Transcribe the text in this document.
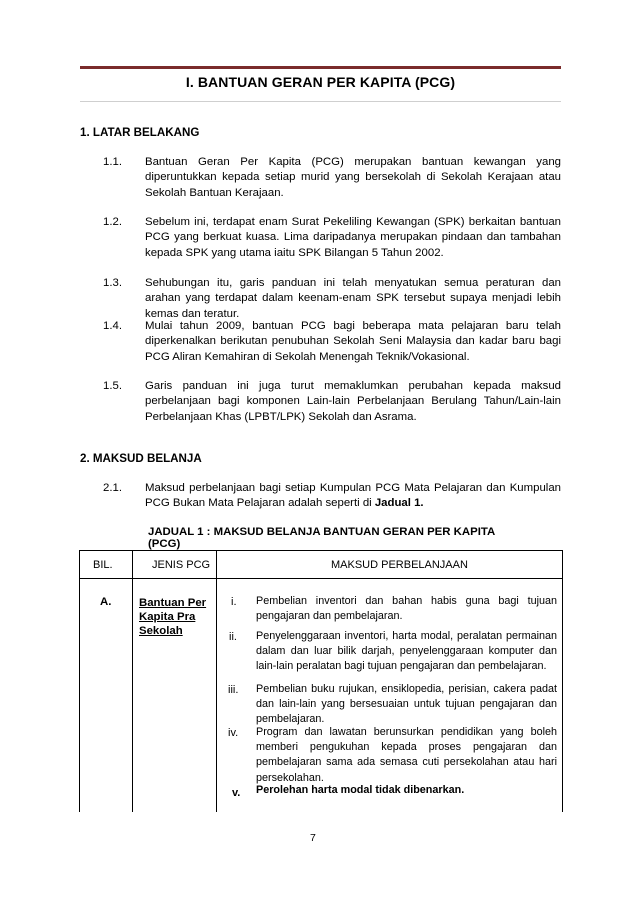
I. BANTUAN GERAN PER KAPITA (PCG)
1. LATAR BELAKANG
1.1. Bantuan Geran Per Kapita (PCG) merupakan bantuan kewangan yang diperuntukkan kepada setiap murid yang bersekolah di Sekolah Kerajaan atau Sekolah Bantuan Kerajaan.

1.2. Sebelum ini, terdapat enam Surat Pekeliling Kewangan (SPK) berkaitan bantuan PCG yang berkuat kuasa. Lima daripadanya merupakan pindaan dan tambahan kepada SPK yang utama iaitu SPK Bilangan 5 Tahun 2002.

1.3. Sehubungan itu, garis panduan ini telah menyatukan semua peraturan dan arahan yang terdapat dalam keenam-enam SPK tersebut supaya menjadi lebih kemas dan teratur.

1.4. Mulai tahun 2009, bantuan PCG bagi beberapa mata pelajaran baru telah diperkenalkan berikutan penubuhan Sekolah Seni Malaysia dan kadar baru bagi PCG Aliran Kemahiran di Sekolah Menengah Teknik/Vokasional.

1.5. Garis panduan ini juga turut memaklumkan perubahan kepada maksud perbelanjaan bagi komponen Lain-lain Perbelanjaan Berulang Tahun/Lain-lain Perbelanjaan Khas (LPBT/LPK) Sekolah dan Asrama.

2. MAKSUD BELANJA
2.1. Maksud perbelanjaan bagi setiap Kumpulan PCG Mata Pelajaran dan Kumpulan PCG Bukan Mata Pelajaran adalah seperti di Jadual 1.

JADUAL 1 : MAKSUD BELANJA BANTUAN GERAN PER KAPITA (PCG)
BIL.	JENIS PCG	MAKSUD PERBELANJAAN
A. Bantuan Per Kapita Pra Sekolah
i. Pembelian inventori dan bahan habis guna bagi tujuan pengajaran dan pembelajaran.
ii. Penyelenggaraan inventori, harta modal, peralatan permainan dalam dan luar bilik darjah, penyelenggaraan komputer dan lain-lain peralatan bagi tujuan pengajaran dan pembelajaran.
iii. Pembelian buku rujukan, ensiklopedia, perisian, cakera padat dan lain-lain yang bersesuaian untuk tujuan pengajaran dan pembelajaran.
iv. Program dan lawatan berunsurkan pendidikan yang boleh memberi pengukuhan kepada proses pengajaran dan pembelajaran sama ada semasa cuti persekolahan atau hari persekolahan.
v. Perolehan harta modal tidak dibenarkan.
7
